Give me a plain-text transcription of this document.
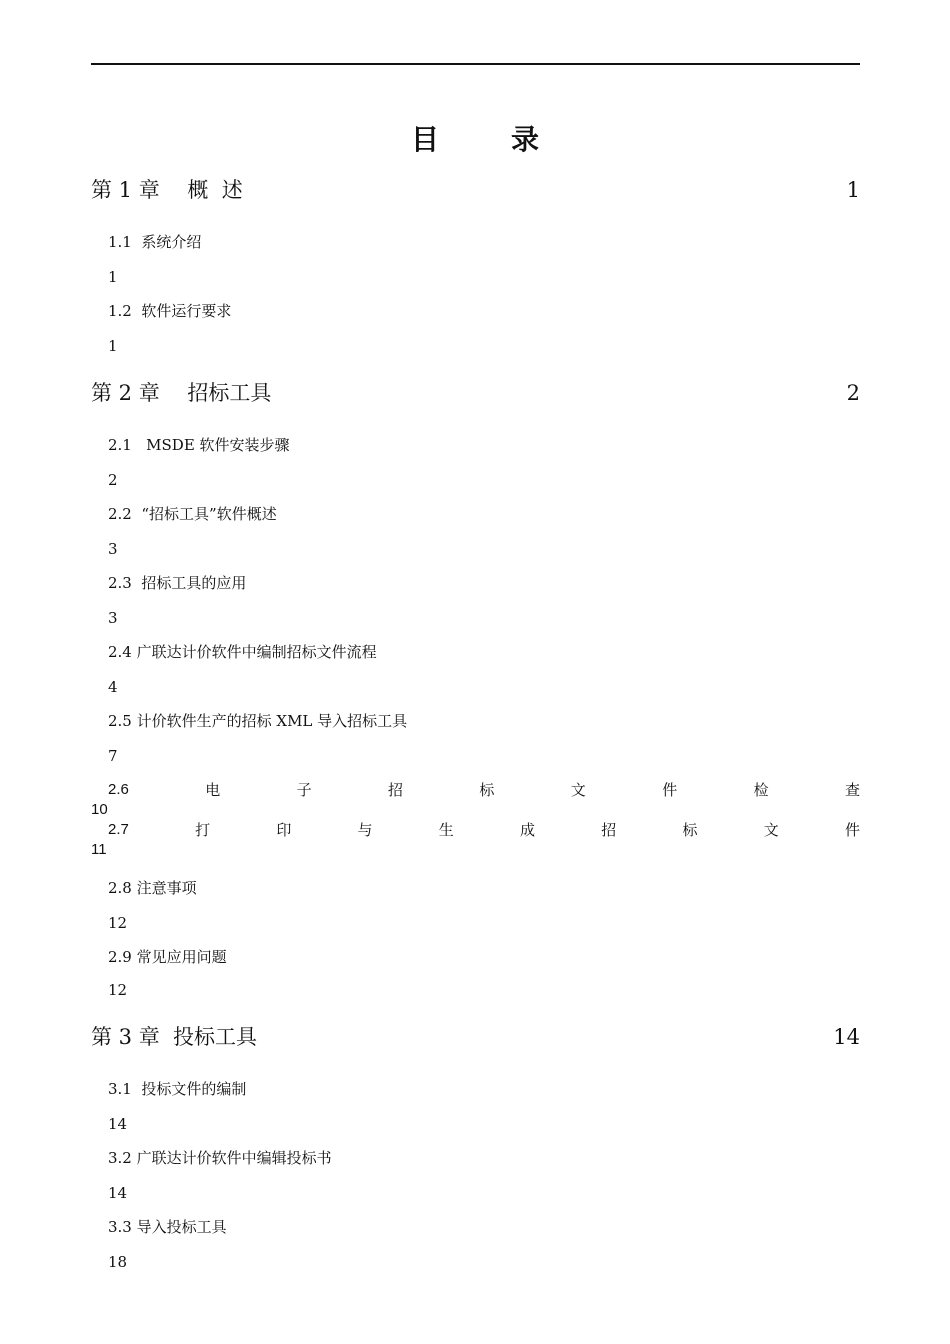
目	录
第 1 章　 概  述	1
1.1  系统介绍
1
1.2  软件运行要求
1
第 2 章　 招标工具	2
2.1   MSDE 软件安装步骤
2
2.2  “招标工具”软件概述
3
2.3  招标工具的应用
3
2.4 广联达计价软件中编制招标文件流程
4
2.5 计价软件生产的招标 XML 导入招标工具
7
2.6	电	子	招	标	文	件	检	查
10
2.7	打	印	与	生	成	招	标	文	件
11
2.8 注意事项
12
2.9 常见应用问题
12
第 3 章  投标工具	14
3.1  投标文件的编制
14
3.2 广联达计价软件中编辑投标书
14
3.3 导入投标工具
18
